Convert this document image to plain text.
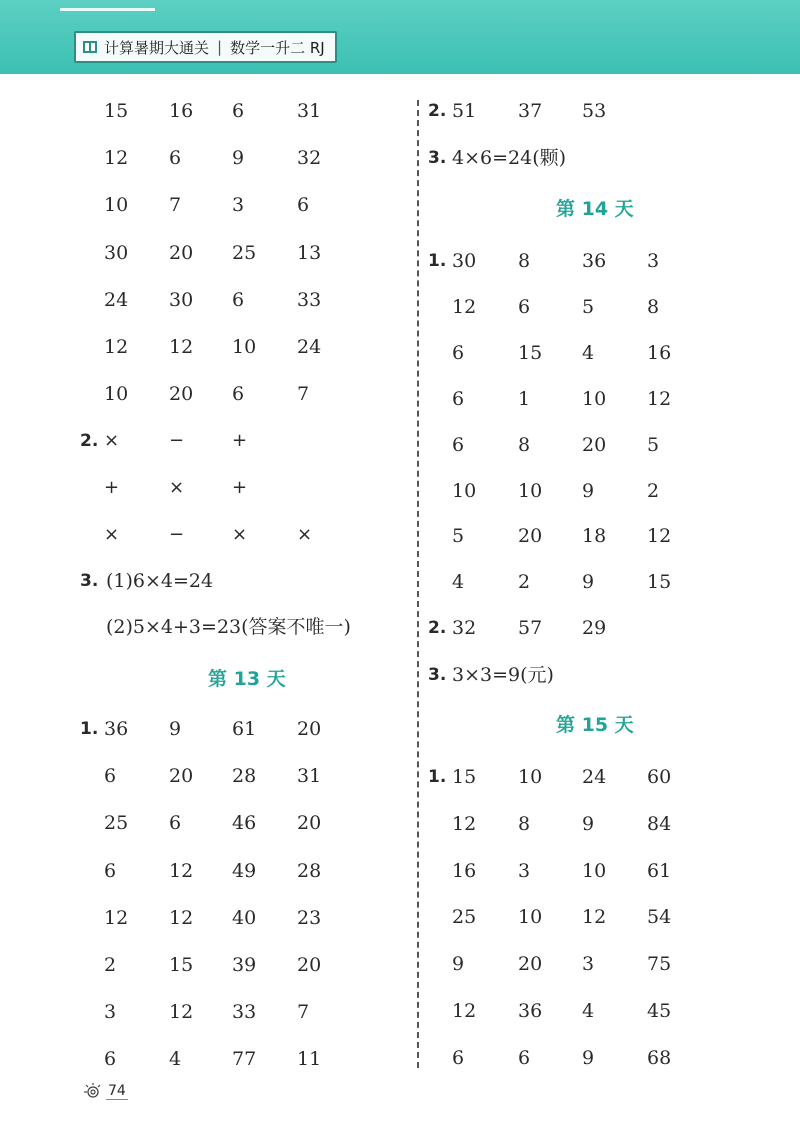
计算暑期大通关 | 数学一升二 RJ
15 16 6	31
12 6	9	32
10 7	3	6
30 20 25 13
24 30 6	33
12 12 10 24
10 20 6	7
2. ×	−	+
+	×	+
×	−	×	×
3. (1)6×4=24
(2)5×4+3=23(答案不唯一)
第 13 天
1. 36 9	61 20
6	20 28 31
25 6	46 20
6	12 49 28
12 12 40 23
2	15 39 20
3	12 33 7
6	4	77 11
2. 51 37 53
3. 4×6=24(颗)
第 14 天
1. 30 8	36 3
12 6	5	8
6	15 4	16
6	1	10 12
6	8	20 5
10 10 9	2
5	20 18 12
4	2	9	15
2. 32 57 29
3. 3×3=9(元)
第 15 天
1. 15 10 24 60
12 8	9	84
16 3	10 61
25 10 12 54
9	20 3	75
12 36 4	45
6	6	9	68
74
